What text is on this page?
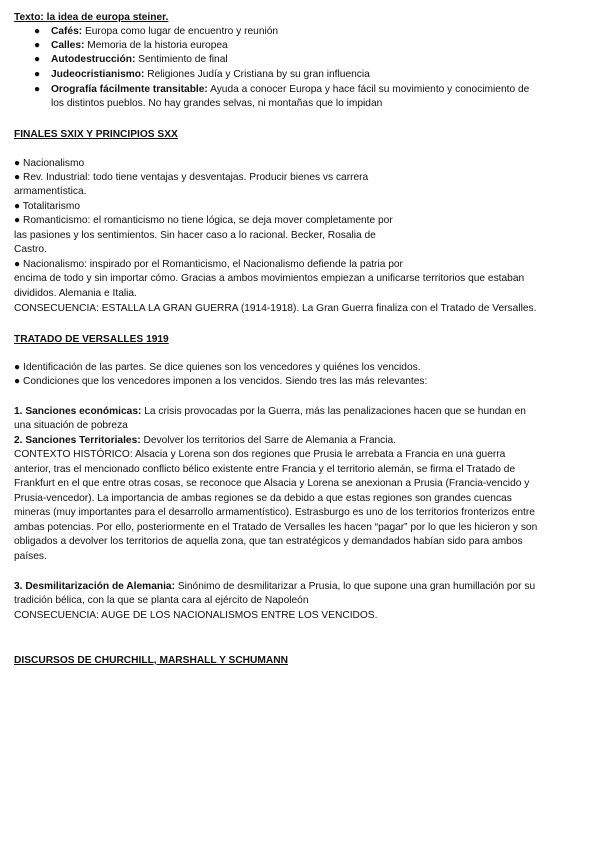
Texto: la idea de europa steiner.
● Cafés: Europa como lugar de encuentro y reunión
● Calles: Memoria de la historia europea
● Autodestrucción: Sentimiento de final
● Judeocristianismo: Religiones Judía y Cristiana by su gran influencia
● Orografía fácilmente transitable: Ayuda a conocer Europa y hace fácil su movimiento y conocimiento de
los distintos pueblos. No hay grandes selvas, ni montañas que lo impidan
FINALES SXIX Y PRINCIPIOS SXX
● Nacionalismo
● Rev. Industrial: todo tiene ventajas y desventajas. Producir bienes vs carrera
armamentística.
● Totalitarismo
● Romanticismo: el romanticismo no tiene lógica, se deja mover completamente por
las pasiones y los sentimientos. Sin hacer caso a lo racional. Becker, Rosalia de
Castro.
● Nacionalismo: inspirado por el Romanticismo, el Nacionalismo defiende la patria por
encima de todo y sin importar cómo. Gracias a ambos movimientos empiezan a unificarse territorios que estaban
divididos. Alemania e Italia.
CONSECUENCIA: ESTALLA LA GRAN GUERRA (1914-1918). La Gran Guerra finaliza con el Tratado de Versalles.
TRATADO DE VERSALLES 1919
● Identificación de las partes. Se dice quienes son los vencedores y quiénes los vencidos.
● Condiciones que los vencedores imponen a los vencidos. Siendo tres las más relevantes:
1. Sanciones económicas: La crisis provocadas por la Guerra, más las penalizaciones hacen que se hundan en
una situación de pobreza
2. Sanciones Territoriales: Devolver los territorios del Sarre de Alemania a Francia.
CONTEXTO HISTÓRICO: Alsacia y Lorena son dos regiones que Prusia le arrebata a Francia en una guerra
anterior, tras el mencionado conflicto bélico existente entre Francia y el territorio alemán, se firma el Tratado de
Frankfurt en el que entre otras cosas, se reconoce que Alsacia y Lorena se anexionan a Prusia (Francia-vencido y
Prusia-vencedor). La importancia de ambas regiones se da debido a que estas regiones son grandes cuencas
mineras (muy importantes para el desarrollo armamentístico). Estrasburgo es uno de los territorios fronterizos entre
ambas potencias. Por ello, posteriormente en el Tratado de Versalles les hacen “pagar” por lo que les hicieron y son
obligados a devolver los territorios de aquella zona, que tan estratégicos y demandados habían sido para ambos
países.
3. Desmilitarización de Alemania: Sinónimo de desmilitarizar a Prusia, lo que supone una gran humillación por su
tradición bélica, con la que se planta cara al ejército de Napoleón
CONSECUENCIA: AUGE DE LOS NACIONALISMOS ENTRE LOS VENCIDOS.
DISCURSOS DE CHURCHILL, MARSHALL Y SCHUMANN
